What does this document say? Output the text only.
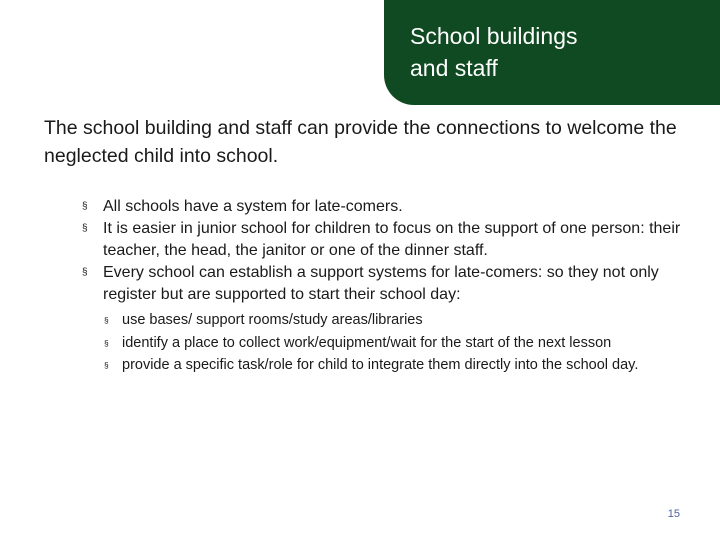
School buildings
and staff

The school building and staff can provide the connections to welcome the neglected child into school.

§ All schools have a system for late-comers.
§ It is easier in junior school for children to focus on the support of one person: their teacher, the head, the janitor or one of the dinner staff.
§ Every school can establish a support systems for late-comers: so they not only register but are supported to start their school day:
§ use bases/ support rooms/study areas/libraries
§ identify a place to collect work/equipment/wait for the start of the next lesson
§ provide a specific task/role for child to integrate them directly into the school day.
15
